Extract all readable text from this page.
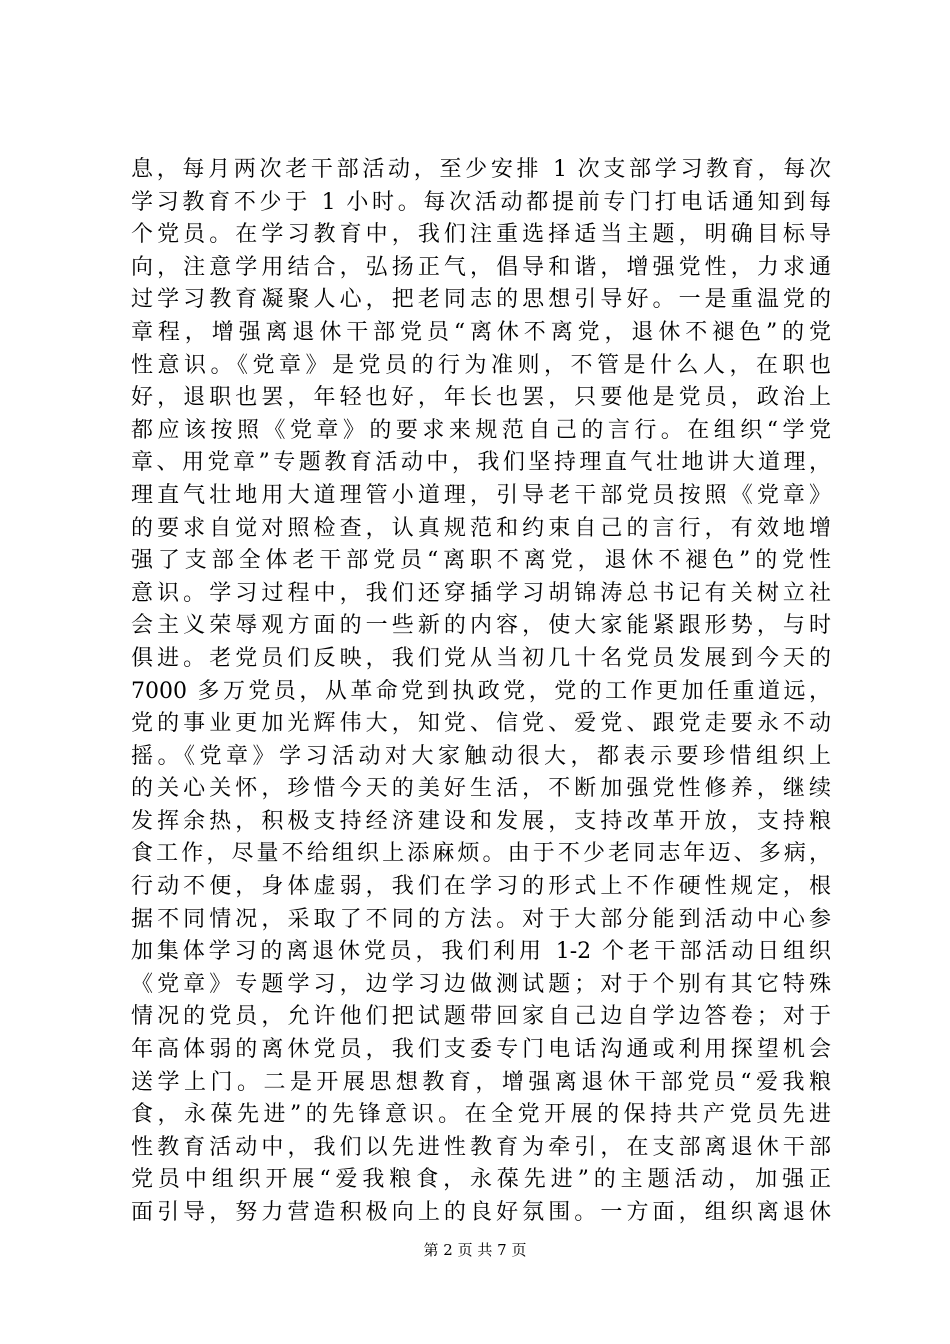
息，每月两次老干部活动，至少安排 1 次支部学习教育，每次
学习教育不少于 1 小时。每次活动都提前专门打电话通知到每
个党员。在学习教育中，我们注重选择适当主题，明确目标导
向，注意学用结合，弘扬正气，倡导和谐，增强党性，力求通
过学习教育凝聚人心，把老同志的思想引导好。一是重温党的
章程，增强离退休干部党员“离休不离党，退休不褪色”的党
性意识。《党章》是党员的行为准则，不管是什么人，在职也
好，退职也罢，年轻也好，年长也罢，只要他是党员，政治上
都应该按照《党章》的要求来规范自己的言行。在组织“学党
章、用党章”专题教育活动中，我们坚持理直气壮地讲大道理，
理直气壮地用大道理管小道理，引导老干部党员按照《党章》
的要求自觉对照检查，认真规范和约束自己的言行，有效地增
强了支部全体老干部党员“离职不离党，退休不褪色”的党性
意识。学习过程中，我们还穿插学习胡锦涛总书记有关树立社
会主义荣辱观方面的一些新的内容，使大家能紧跟形势，与时
俱进。老党员们反映，我们党从当初几十名党员发展到今天的
7000 多万党员，从革命党到执政党，党的工作更加任重道远，
党的事业更加光辉伟大，知党、信党、爱党、跟党走要永不动
摇。《党章》学习活动对大家触动很大，都表示要珍惜组织上
的关心关怀，珍惜今天的美好生活，不断加强党性修养，继续
发挥余热，积极支持经济建设和发展，支持改革开放，支持粮
食工作，尽量不给组织上添麻烦。由于不少老同志年迈、多病，
行动不便，身体虚弱，我们在学习的形式上不作硬性规定，根
据不同情况，采取了不同的方法。对于大部分能到活动中心参
加集体学习的离退休党员，我们利用 1-2 个老干部活动日组织
《党章》专题学习，边学习边做测试题；对于个别有其它特殊
情况的党员，允许他们把试题带回家自己边自学边答卷；对于
年高体弱的离休党员，我们支委专门电话沟通或利用探望机会
送学上门。二是开展思想教育，增强离退休干部党员“爱我粮
食，永葆先进”的先锋意识。在全党开展的保持共产党员先进
性教育活动中，我们以先进性教育为牵引，在支部离退休干部
党员中组织开展“爱我粮食，永葆先进”的主题活动，加强正
面引导，努力营造积极向上的良好氛围。一方面，组织离退休
第 2 页 共 7 页
